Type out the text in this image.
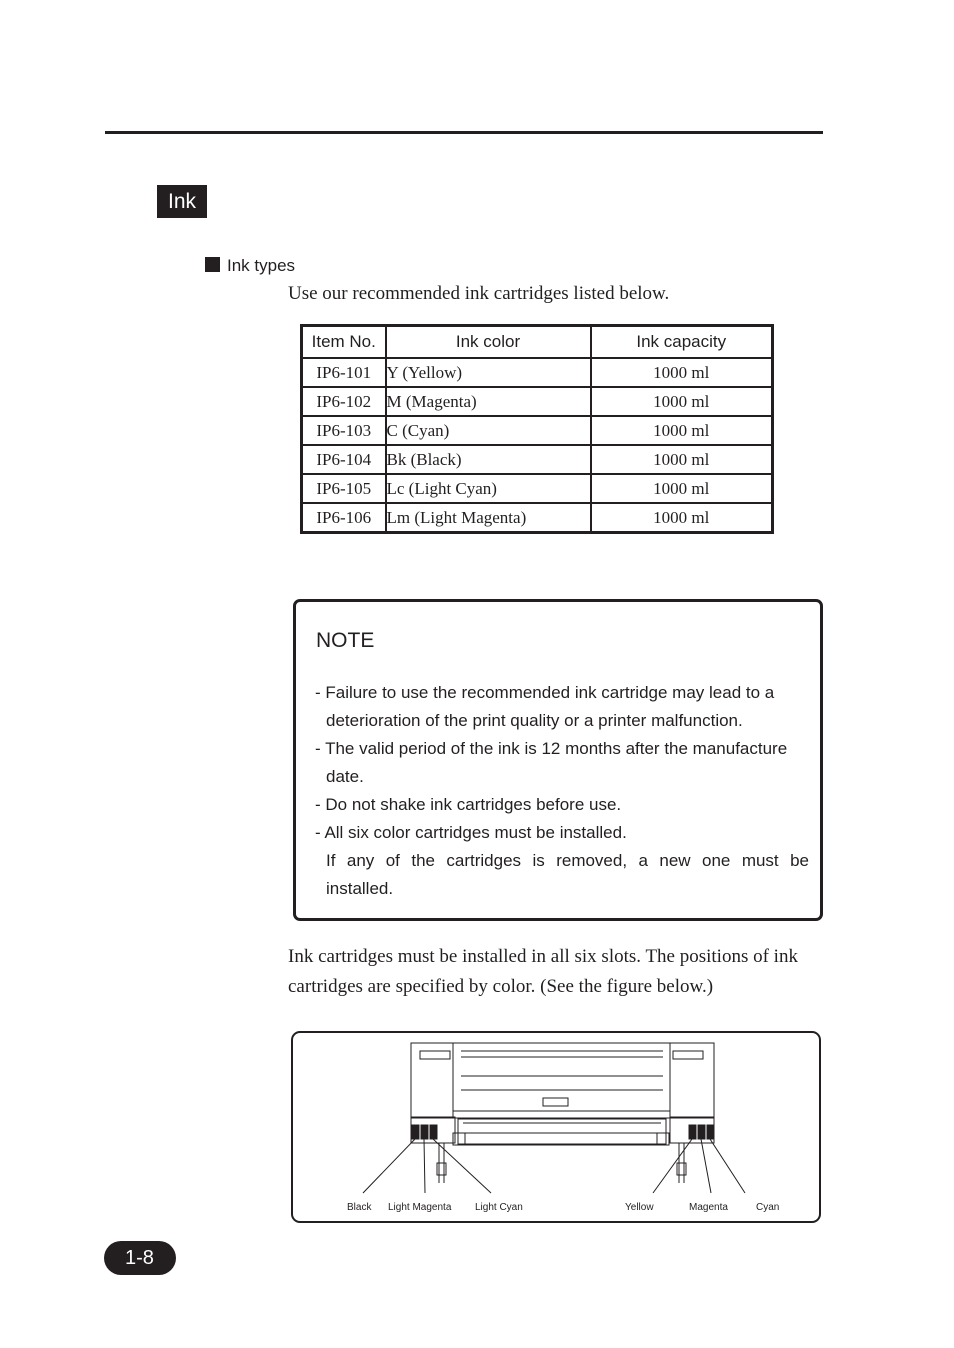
Ink
Ink types
Use our recommended ink cartridges listed below.
Item No.	Ink color	Ink capacity
IP6-101	Y (Yellow)	1000 ml
IP6-102	M (Magenta)	1000 ml
IP6-103	C (Cyan)	1000 ml
IP6-104	Bk (Black)	1000 ml
IP6-105	Lc (Light Cyan)	1000 ml
IP6-106	Lm (Light Magenta)	1000 ml
NOTE
- Failure to use the recommended ink cartridge may lead to a deterioration of the print quality or a printer malfunction.
- The valid period of the ink is 12 months after the manufacture date.
- Do not shake ink cartridges before use.
- All six color cartridges must be installed.
If any of the cartridges is removed, a new one must be
installed.
Ink cartridges must be installed in all six slots. The positions of ink cartridges are specified by color. (See the figure below.)
Black Light Magenta Light Cyan	Yellow	Magenta	Cyan
1-8
